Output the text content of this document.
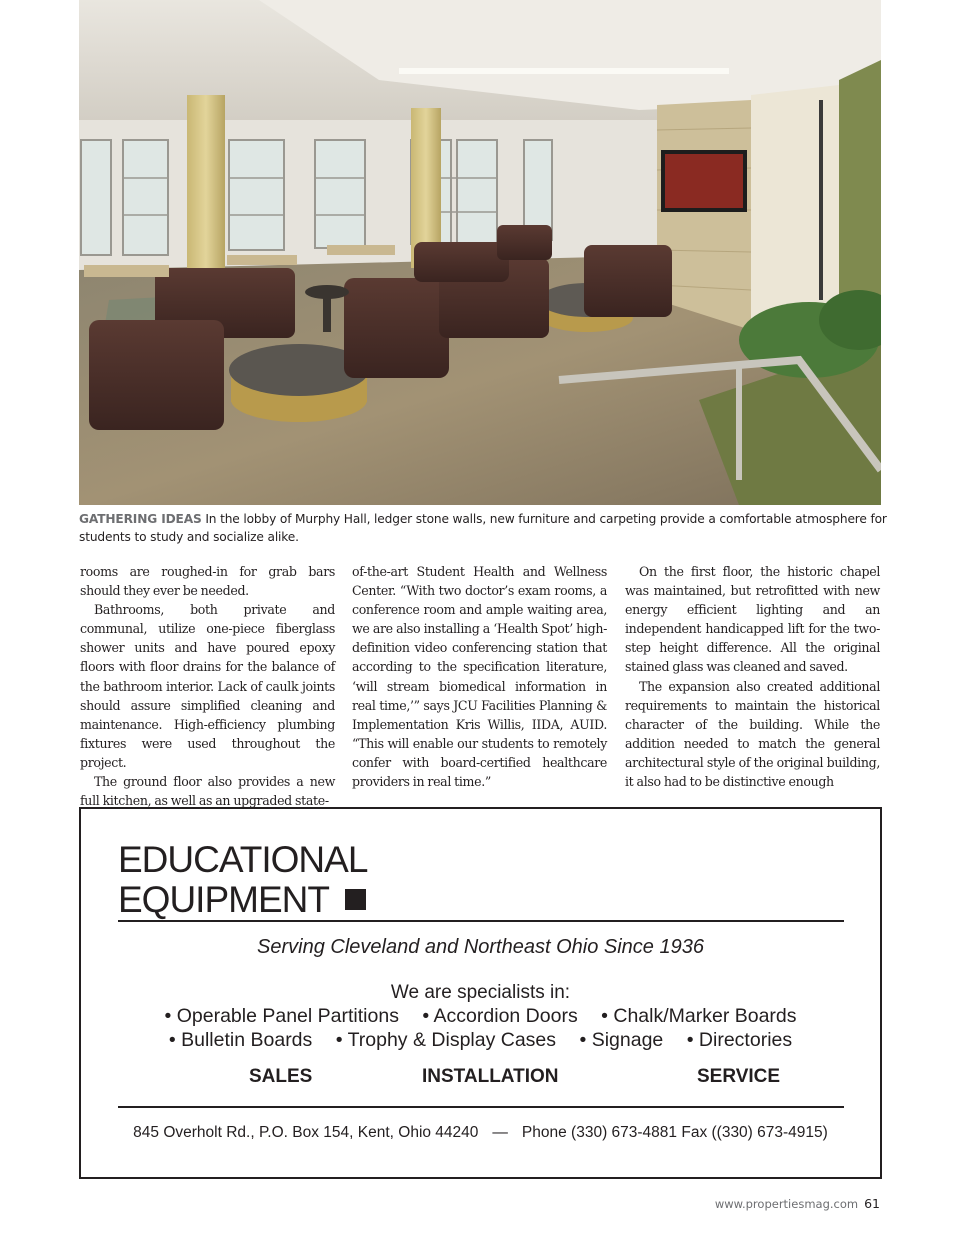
GATHERING IDEAS In the lobby of Murphy Hall, ledger stone walls, new furniture and carpeting provide a comfortable atmosphere for students to study and socialize alike.

rooms are roughed-in for grab bars should they ever be needed.

Bathrooms, both private and communal, utilize one-piece fiberglass shower units and have poured epoxy floors with floor drains for the balance of the bathroom interior. Lack of caulk joints should assure simplified cleaning and maintenance. High-efficiency plumbing fixtures were used throughout the project.

The ground floor also provides a new full kitchen, as well as an upgraded state-

of-the-art Student Health and Wellness Center. “With two doctor’s exam rooms, a conference room and ample waiting area, we are also installing a ‘Health Spot’ high-definition video conferencing station that according to the specification literature, ‘will stream biomedical information in real time,’” says JCU Facilities Planning & Implementation Kris Willis, IIDA, AUID. “This will enable our students to remotely confer with board-certified healthcare providers in real time.”

On the first floor, the historic chapel was maintained, but retrofitted with new energy efficient lighting and an independent handicapped lift for the two-step height difference. All the original stained glass was cleaned and saved.

The expansion also created additional requirements to maintain the historical character of the building. While the addition needed to match the general architectural style of the original building, it also had to be distinctive enough

EDUCATIONAL
EQUIPMENT
Serving Cleveland and Northeast Ohio Since 1936
We are specialists in:
• Operable Panel Partitions • Accordion Doors • Chalk/Marker Boards
• Bulletin Boards • Trophy & Display Cases • Signage • Directories
SALES	INSTALLATION	SERVICE
845 Overholt Rd., P.O. Box 154, Kent, Ohio 44240 — Phone (330) 673-4881 Fax ((330) 673-4915)
www.propertiesmag.com 61
